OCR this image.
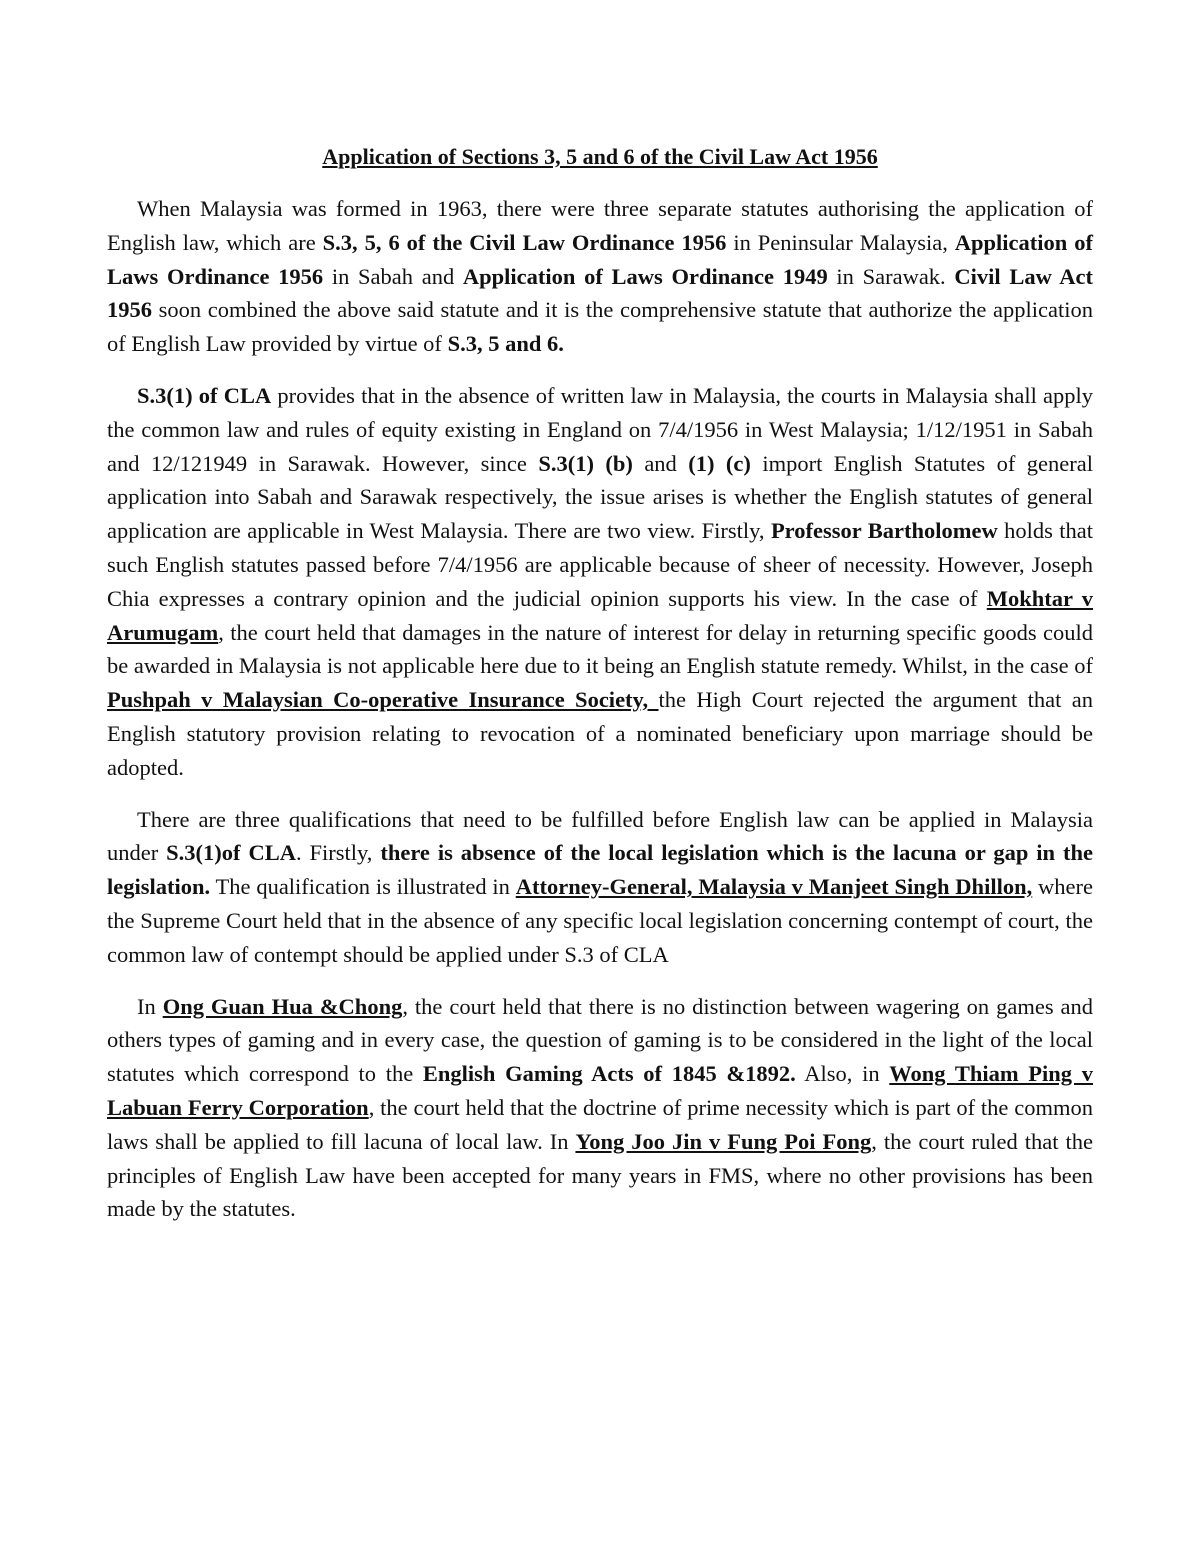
Application of Sections 3, 5 and 6 of the Civil Law Act 1956

When Malaysia was formed in 1963, there were three separate statutes authorising the application of English law, which are S.3, 5, 6 of the Civil Law Ordinance 1956 in Peninsular Malaysia, Application of Laws Ordinance 1956 in Sabah and Application of Laws Ordinance 1949 in Sarawak. Civil Law Act 1956 soon combined the above said statute and it is the comprehensive statute that authorize the application of English Law provided by virtue of S.3, 5 and 6.

S.3(1) of CLA provides that in the absence of written law in Malaysia, the courts in Malaysia shall apply the common law and rules of equity existing in England on 7/4/1956 in West Malaysia; 1/12/1951 in Sabah and 12/121949 in Sarawak. However, since S.3(1) (b) and (1) (c) import English Statutes of general application into Sabah and Sarawak respectively, the issue arises is whether the English statutes of general application are applicable in West Malaysia. There are two view. Firstly, Professor Bartholomew holds that such English statutes passed before 7/4/1956 are applicable because of sheer of necessity. However, Joseph Chia expresses a contrary opinion and the judicial opinion supports his view. In the case of Mokhtar v Arumugam, the court held that damages in the nature of interest for delay in returning specific goods could be awarded in Malaysia is not applicable here due to it being an English statute remedy. Whilst, in the case of Pushpah v Malaysian Co-operative Insurance Society, the High Court rejected the argument that an English statutory provision relating to revocation of a nominated beneficiary upon marriage should be adopted.

There are three qualifications that need to be fulfilled before English law can be applied in Malaysia under S.3(1)of CLA. Firstly, there is absence of the local legislation which is the lacuna or gap in the legislation. The qualification is illustrated in Attorney-General, Malaysia v Manjeet Singh Dhillon, where the Supreme Court held that in the absence of any specific local legislation concerning contempt of court, the common law of contempt should be applied under S.3 of CLA

In Ong Guan Hua &Chong, the court held that there is no distinction between wagering on games and others types of gaming and in every case, the question of gaming is to be considered in the light of the local statutes which correspond to the English Gaming Acts of 1845 &1892. Also, in Wong Thiam Ping v Labuan Ferry Corporation, the court held that the doctrine of prime necessity which is part of the common laws shall be applied to fill lacuna of local law. In Yong Joo Jin v Fung Poi Fong, the court ruled that the principles of English Law have been accepted for many years in FMS, where no other provisions has been made by the statutes.
